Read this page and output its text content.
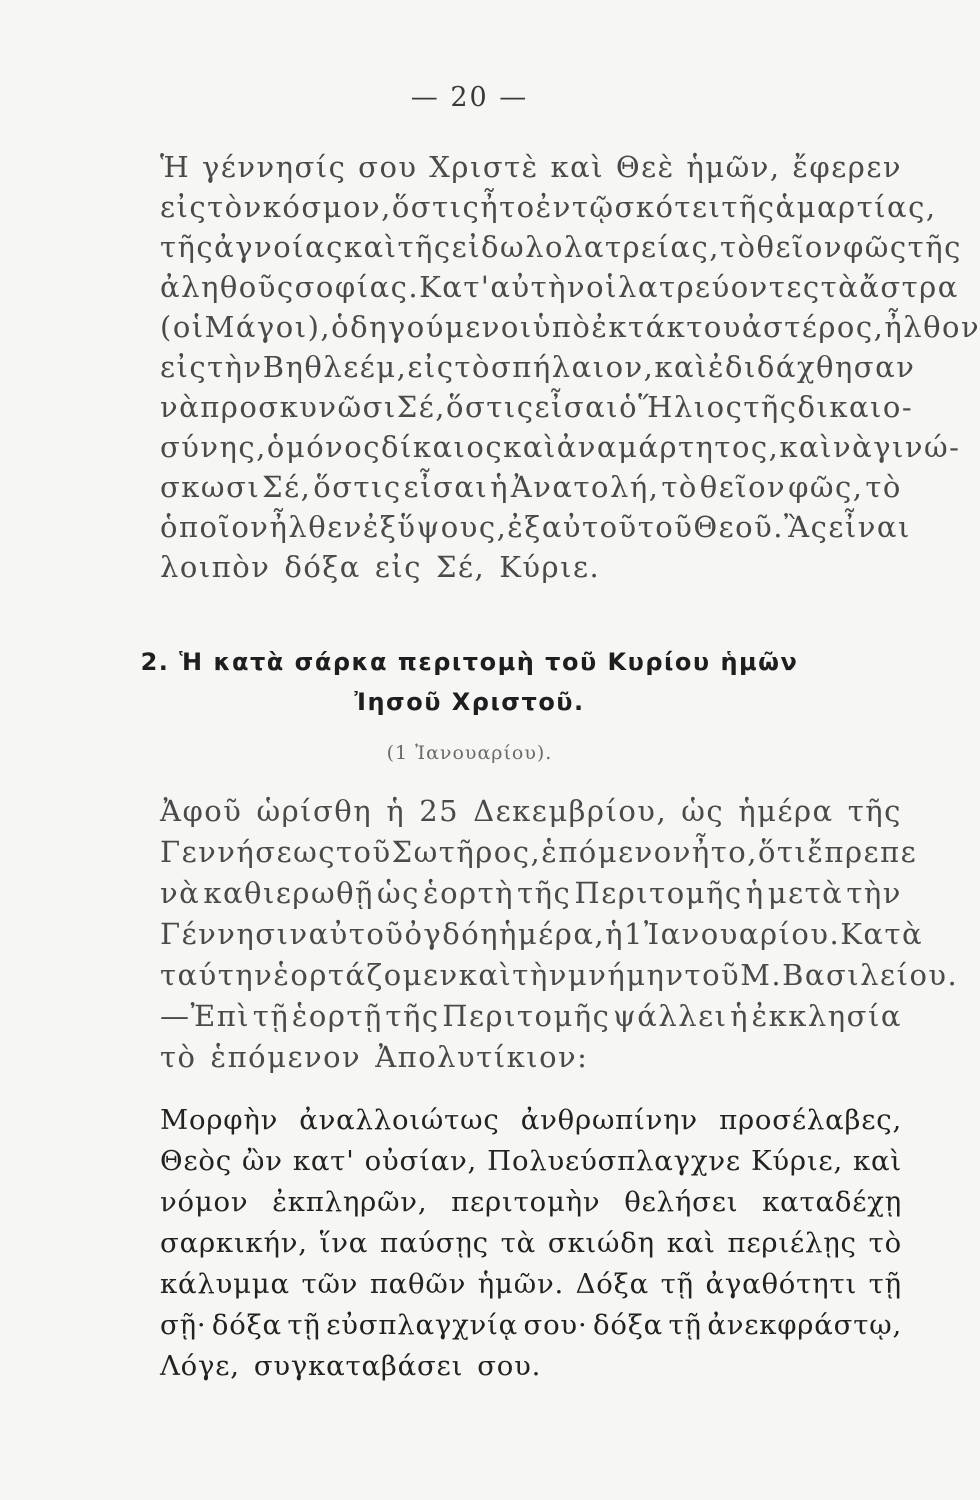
— 20 —
Ἡ γέννησίς σου Χριστὲ καὶ Θεὲ ἡμῶν, ἔφερεν
εἰς τὸν κόσμον, ὅστις ἦτο ἐν τῷ σκότει τῆς ἁμαρτίας,
τῆς ἀγνοίας καὶ τῆς εἰδωλολατρείας, τὸ θεῖον φῶς τῆς
ἀληθοῦς σοφίας. Κατ' αὐτὴν οἱ λατρεύοντες τὰ ἄστρα
(οἱ Μάγοι), ὁδηγούμενοι ὑπὸ ἐκτάκτου ἀστέρος, ἦλθον
εἰς τὴν Βηθλεέμ, εἰς τὸ σπήλαιον, καὶ ἐδιδάχθησαν
νὰ προσκυνῶσι Σέ, ὅστις εἶσαι ὁ Ἥλιος τῆς δικαιο-
σύνης, ὁ μόνος δίκαιος καὶ ἀναμάρτητος, καὶ νὰ γινώ-
σκωσι Σέ, ὅστις εἶσαι ἡ Ἀνατολή, τὸ θεῖον φῶς, τὸ
ὁποῖον ἦλθεν ἐξ ὕψους, ἐξ αὐτοῦ τοῦ Θεοῦ. Ἂς εἶναι
λοιπὸν δόξα εἰς Σέ, Κύριε.
2. Ἡ κατὰ σάρκα περιτομὴ τοῦ Κυρίου ἡμῶν
Ἰησοῦ Χριστοῦ.
(1 Ἰανουαρίου).
Ἀφοῦ ὡρίσθη ἡ 25 Δεκεμβρίου, ὡς ἡμέρα τῆς
Γεννήσεως τοῦ Σωτῆρος, ἑπόμενον ἦτο, ὅτι ἔπρεπε
νὰ καθιερωθῇ ὡς ἑορτὴ τῆς Περιτομῆς ἡ μετὰ τὴν
Γέννησιν αὐτοῦ ὀγδόη ἡμέρα, ἡ 1 Ἰανουαρίου. Κατὰ
ταύτην ἑορτάζομεν καὶ τὴν μνήμην τοῦ Μ. Βασιλείου.
—Ἐπὶ τῇ ἑορτῇ τῆς Περιτομῆς ψάλλει ἡ ἐκκλησία
τὸ ἑπόμενον Ἀπολυτίκιον:
Μορφὴν ἀναλλοιώτως ἀνθρωπίνην προσέλαβες,
Θεὸς ὢν κατ' οὐσίαν, Πολυεύσπλαγχνε Κύριε, καὶ
νόμον ἐκπληρῶν, περιτομὴν θελήσει καταδέχῃ
σαρκικήν, ἵνα παύσῃς τὰ σκιώδη καὶ περιέλῃς τὸ
κάλυμμα τῶν παθῶν ἡμῶν. Δόξα τῇ ἀγαθότητι τῇ
σῇ· δόξα τῇ εὐσπλαγχνίᾳ σου· δόξα τῇ ἀνεκφράστῳ,
Λόγε, συγκαταβάσει σου.
